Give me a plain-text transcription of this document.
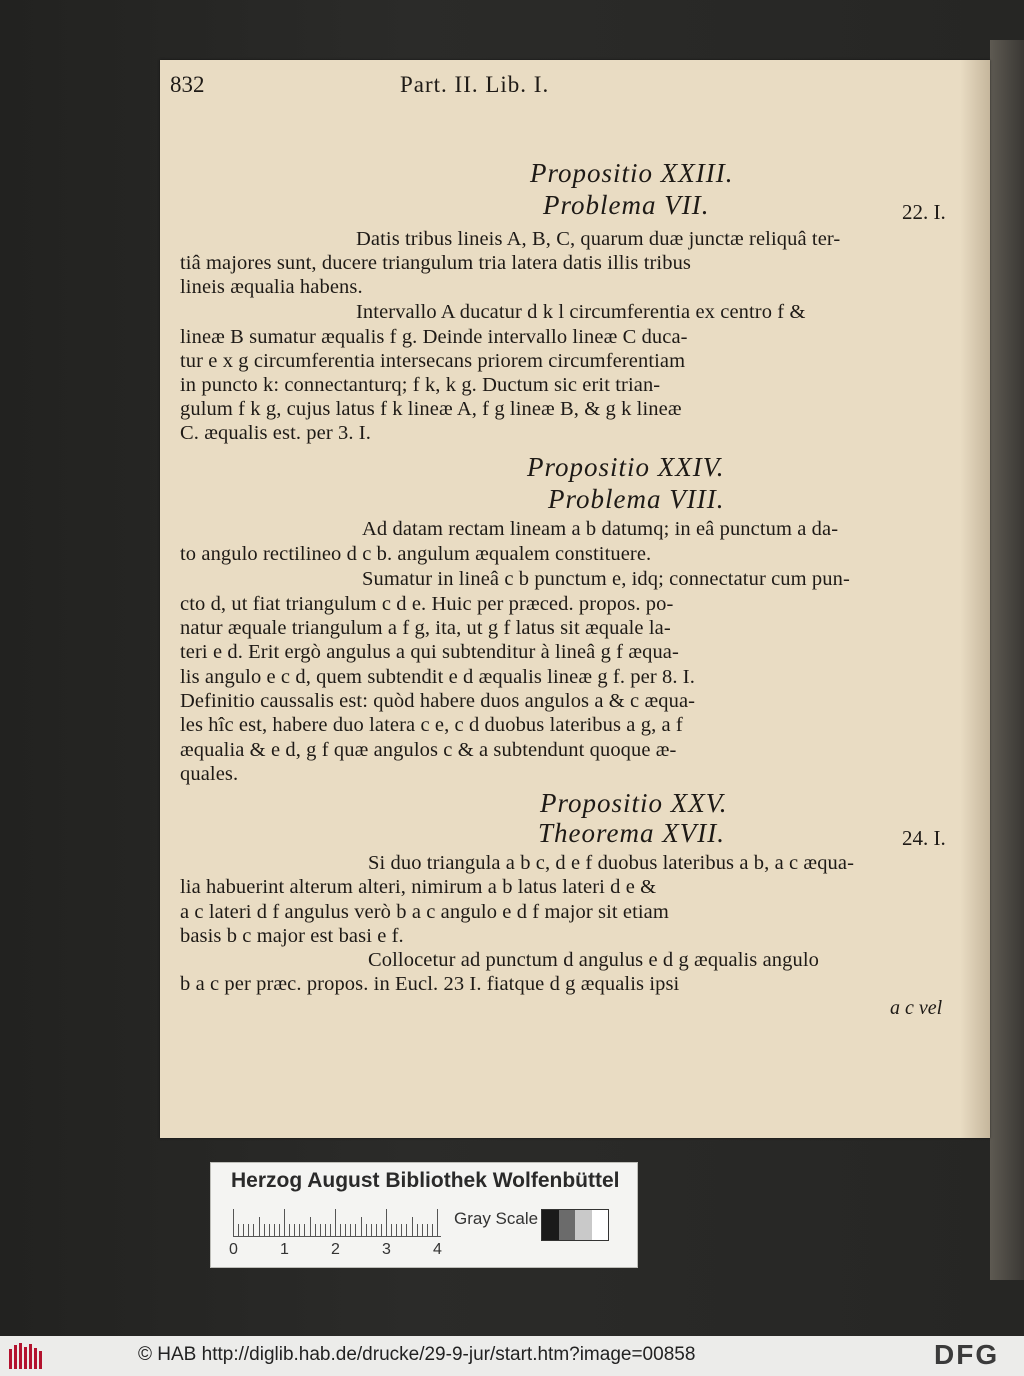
832	Part. II. Lib. I.
Propositio XXIII.
Problema VII.	22. I.
Datis tribus lineis A, B, C, quarum duæ junctæ reliquâ ter-
tiâ majores sunt, ducere triangulum tria latera datis illis tribus
lineis æqualia habens.
Intervallo A ducatur d k l circumferentia ex centro f &
lineæ B sumatur æqualis f g. Deinde intervallo lineæ C duca-
tur e x g circumferentia intersecans priorem circumferentiam
in puncto k: connectanturq; f k, k g. Ductum sic erit trian-
gulum f k g, cujus latus f k lineæ A, f g lineæ B, & g k lineæ
C. æqualis est. per 3. I.
Propositio XXIV.
Problema VIII.
Ad datam rectam lineam a b datumq; in eâ punctum a da-
to angulo rectilineo d c b. angulum æqualem constituere.
Sumatur in lineâ c b punctum e, idq; connectatur cum pun-
cto d, ut fiat triangulum c d e. Huic per præced. propos. po-
natur æquale triangulum a f g, ita, ut g f latus sit æquale la-
teri e d. Erit ergò angulus a qui subtenditur à lineâ g f æqua-
lis angulo e c d, quem subtendit e d æqualis lineæ g f. per 8. I.
Definitio caussalis est: quòd habere duos angulos a & c æqua-
les hîc est, habere duo latera c e, c d duobus lateribus a g, a f
æqualia & e d, g f quæ angulos c & a subtendunt quoque æ-
quales.
Propositio XXV.
Theorema XVII.	24. I.
Si duo triangula a b c, d e f duobus lateribus a b, a c æqua-
lia habuerint alterum alteri, nimirum a b latus lateri d e &
a c lateri d f angulus verò b a c angulo e d f major sit etiam
basis b c major est basi e f.
Collocetur ad punctum d angulus e d g æqualis angulo
b a c per præc. propos. in Eucl. 23 I. fiatque d g æqualis ipsi
a c vel
Herzog August Bibliothek Wolfenbüttel
0	1	2	3	4
Gray Scale
© HAB http://diglib.hab.de/drucke/29-9-jur/start.htm?image=00858	DFG
